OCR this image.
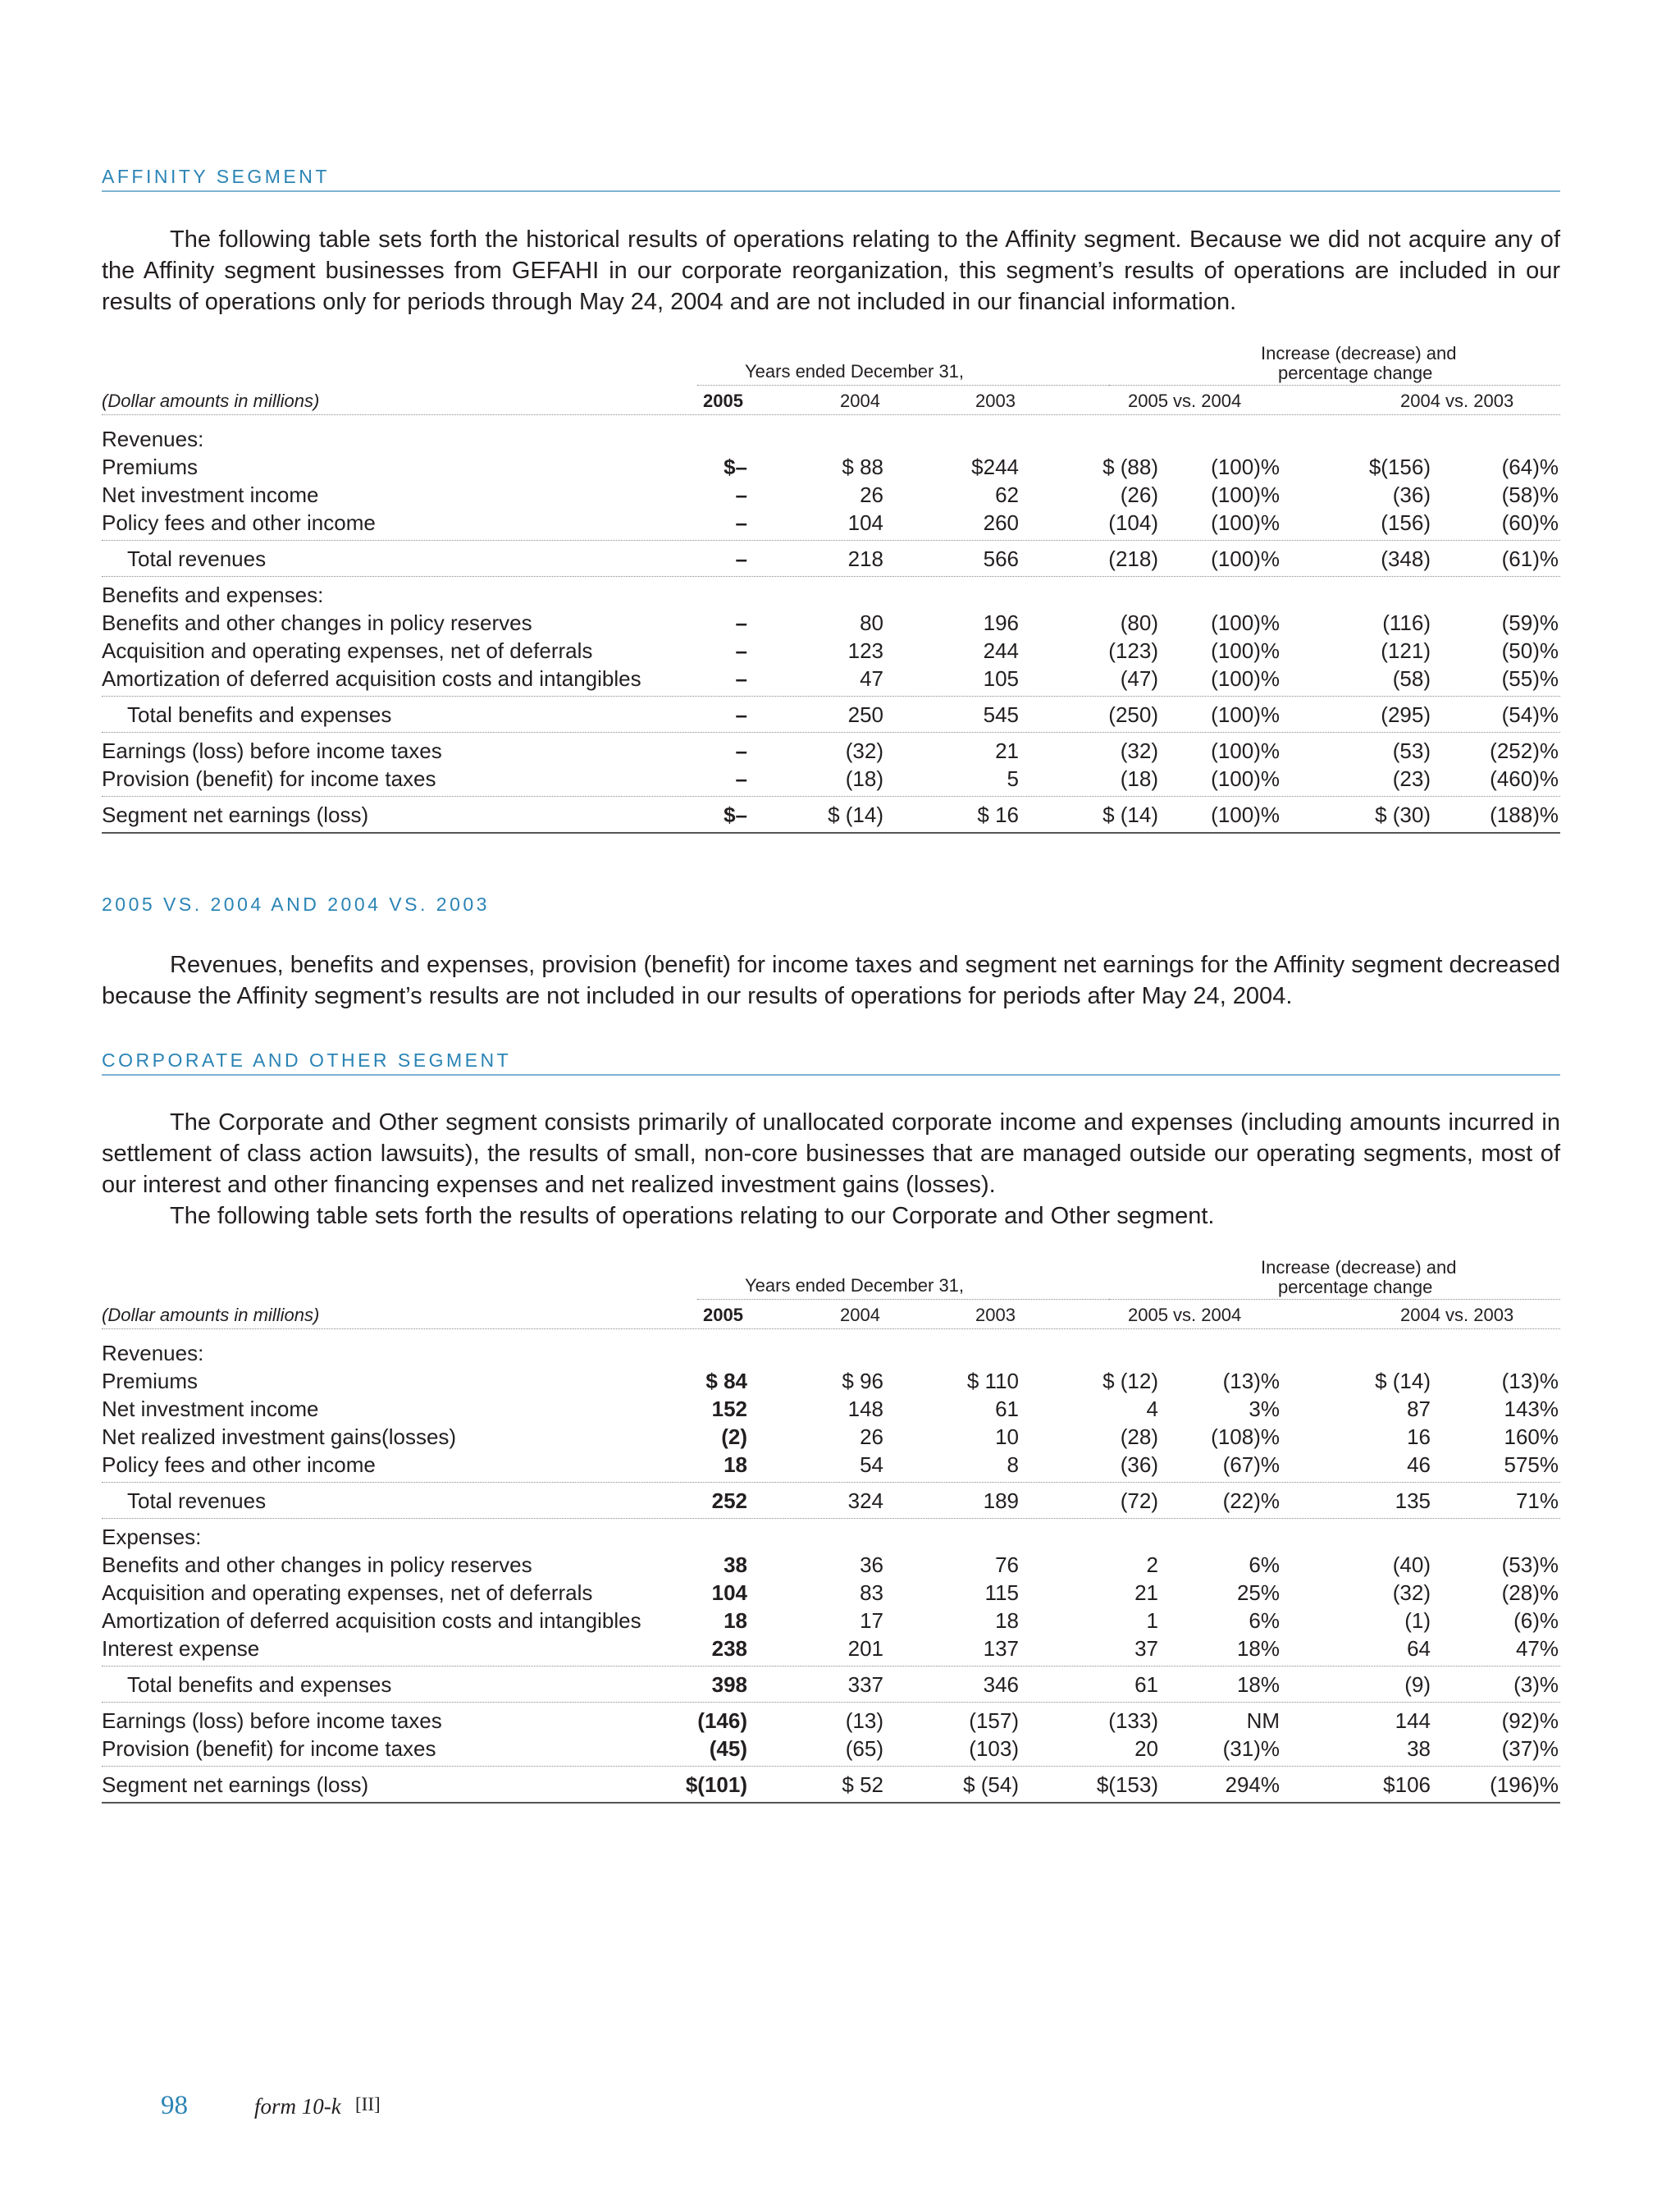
AFFINITY SEGMENT

The following table sets forth the historical results of operations relating to the Affinity segment. Because we did not acquire any of the Affinity segment businesses from GEFAHI in our corporate reorganization, this segment’s results of operations are included in our results of operations only for periods through May 24, 2004 and are not included in our financial information.

Years ended December 31,
Increase (decrease) and
percentage change
(Dollar amounts in millions)	2005	2004	2003	2005 vs. 2004	2004 vs. 2003
Revenues:
Premiums	$–	$ 88	$244	$ (88) (100)%	$(156)	(64)%
Net investment income	–	26	62	(26) (100)%	(36)	(58)%
Policy fees and other income	–	104	260	(104) (100)%	(156)	(60)%
Total revenues	–	218	566	(218) (100)%	(348)	(61)%
Benefits and expenses:
Benefits and other changes in policy reserves	–	80	196	(80) (100)%	(116)	(59)%
Acquisition and operating expenses, net of deferrals	–	123	244	(123) (100)%	(121)	(50)%
Amortization of deferred acquisition costs and intangibles	–	47	105	(47) (100)%	(58)	(55)%
Total benefits and expenses	–	250	545	(250) (100)%	(295)	(54)%
Earnings (loss) before income taxes	–	(32)	21	(32) (100)%	(53)	(252)%
Provision (benefit) for income taxes	–	(18)	5	(18) (100)%	(23)	(460)%
Segment net earnings (loss)	$–	$ (14)	$ 16	$ (14) (100)%	$ (30)	(188)%
2005 VS. 2004 AND 2004 VS. 2003

Revenues, benefits and expenses, provision (benefit) for income taxes and segment net earnings for the Affinity segment decreased because the Affinity segment’s results are not included in our results of operations for periods after May 24, 2004.

CORPORATE AND OTHER SEGMENT

The Corporate and Other segment consists primarily of unallocated corporate income and expenses (including amounts incurred in settlement of class action lawsuits), the results of small, non-core businesses that are managed outside our operating segments, most of our interest and other financing expenses and net realized investment gains (losses).

The following table sets forth the results of operations relating to our Corporate and Other segment.

Years ended December 31,
Increase (decrease) and
percentage change
(Dollar amounts in millions)	2005	2004	2003	2005 vs. 2004	2004 vs. 2003
Revenues:
Premiums	$ 84	$ 96	$ 110	$ (12)	(13)%	$ (14)	(13)%
Net investment income	152	148	61	4	3%	87	143%
Net realized investment gains(losses)	(2)	26	10	(28) (108)%	16	160%
Policy fees and other income	18	54	8	(36)	(67)%	46	575%
Total revenues	252	324	189	(72)	(22)%	135	71%
Expenses:
Benefits and other changes in policy reserves	38	36	76	2	6%	(40)	(53)%
Acquisition and operating expenses, net of deferrals	104	83	115	21	25%	(32)	(28)%
Amortization of deferred acquisition costs and intangibles	18	17	18	1	6%	(1)	(6)%
Interest expense	238	201	137	37	18%	64	47%
Total benefits and expenses	398	337	346	61	18%	(9)	(3)%
Earnings (loss) before income taxes	(146)	(13)	(157)	(133)	NM	144	(92)%
Provision (benefit) for income taxes	(45)	(65)	(103)	20	(31)%	38	(37)%
Segment net earnings (loss)	$(101)	$ 52	$ (54)	$(153)	294%	$106	(196)%
98	form 10-k [II]
